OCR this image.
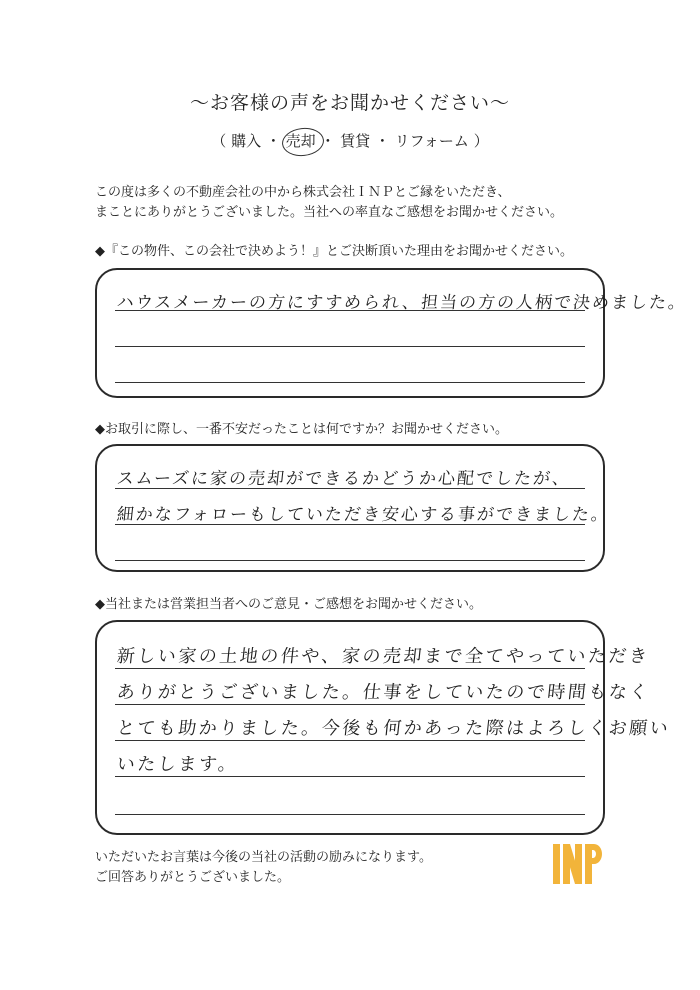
～お客様の声をお聞かせください～
（ 購入 ・ 売却 ・ 賃貸 ・ リフォーム ）
この度は多くの不動産会社の中から株式会社ＩＮＰとご縁をいただき、
まことにありがとうございました。当社への率直なご感想をお聞かせください。
◆『この物件、この会社で決めよう！』とご決断頂いた理由をお聞かせください。
ハウスメーカーの方にすすめられ、担当の方の人柄で決めました。
◆お取引に際し、一番不安だったことは何ですか？お聞かせください。
スムーズに家の売却ができるかどうか心配でしたが、
細かなフォローもしていただき安心する事ができました。
◆当社または営業担当者へのご意見・ご感想をお聞かせください。
新しい家の土地の件や、家の売却まで全てやっていただき
ありがとうございました。仕事をしていたので時間もなく
とても助かりました。今後も何かあった際はよろしくお願い
いたします。
いただいたお言葉は今後の当社の活動の励みになります。
ご回答ありがとうございました。
